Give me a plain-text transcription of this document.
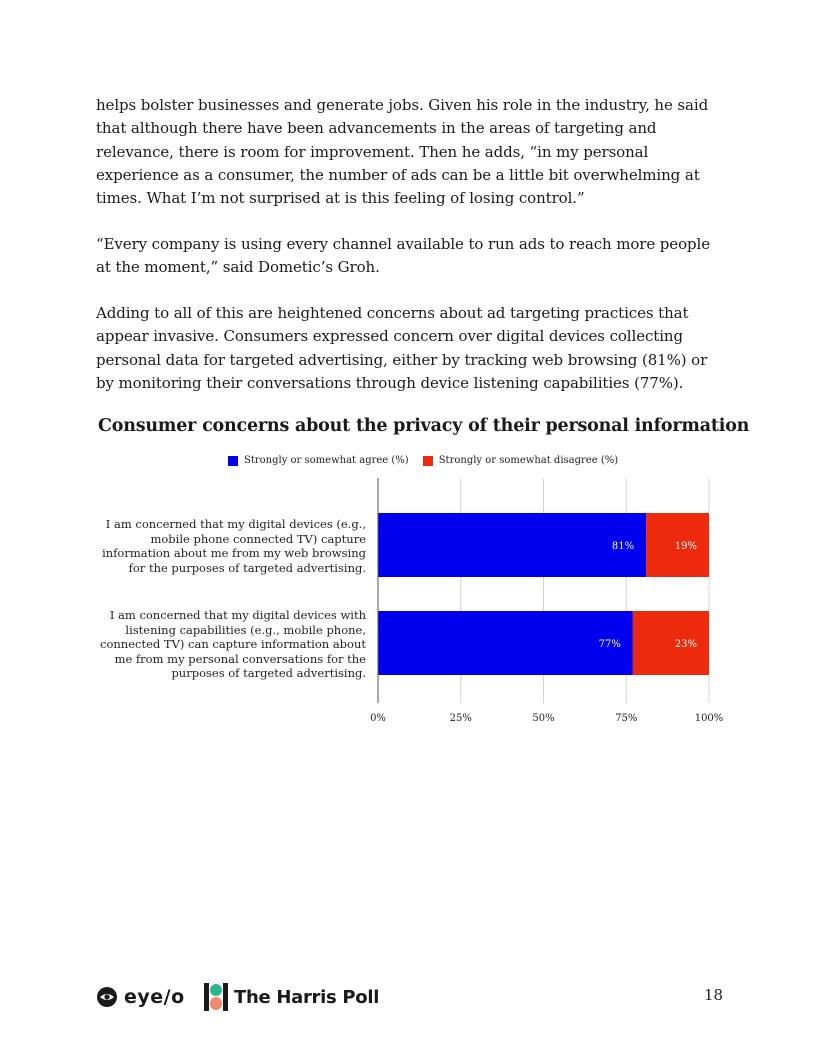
helps bolster businesses and generate jobs. Given his role in the industry, he said that although there have been advancements in the areas of targeting and relevance, there is room for improvement. Then he adds, “in my personal experience as a consumer, the number of ads can be a little bit overwhelming at times. What I’m not surprised at is this feeling of losing control.”

“Every company is using every channel available to run ads to reach more people at the moment,” said Dometic’s Groh.

Adding to all of this are heightened concerns about ad targeting practices that appear invasive. Consumers expressed concern over digital devices collecting personal data for targeted advertising, either by tracking web browsing (81%) or by monitoring their conversations through device listening capabilities (77%).

Consumer concerns about the privacy of their personal information
Strongly or somewhat agree (%)	Strongly or somewhat disagree (%)
I am concerned that my digital devices (e.g., mobile phone connected TV) capture information about me from my web browsing for the purposes of targeted advertising.
I am concerned that my digital devices with listening capabilities (e.g., mobile phone, connected TV) can capture information about me from my personal conversations for the purposes of targeted advertising.
0%	25%	50%	75%	100%
81%	19%
77%	23%
eye/o	The Harris Poll	18
